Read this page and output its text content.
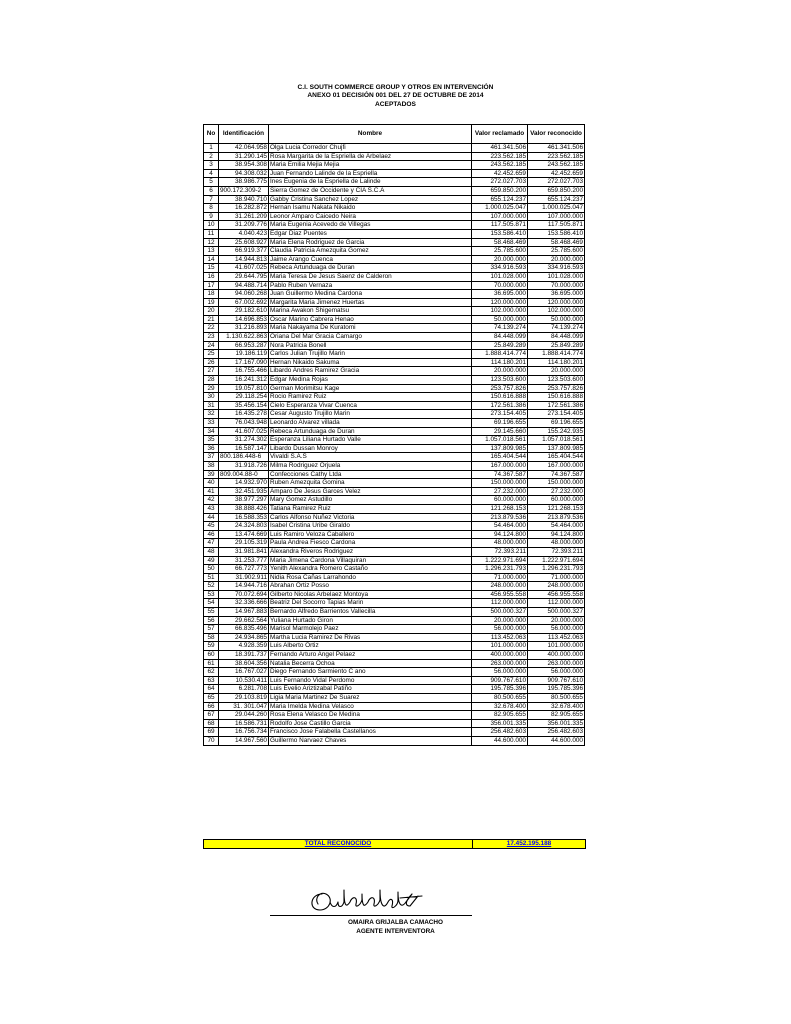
C.I. SOUTH COMMERCE GROUP Y OTROS EN INTERVENCIÓN
ANEXO 01 DECISIÓN 001 DEL 27 DE OCTUBRE DE 2014
ACEPTADOS
No	Identificación	Nombre	Valor reclamado	Valor reconocido
1	42.064.958	Olga Lucia Corredor Chujfi	461.341.506	461.341.506
2	31.290.145	Rosa Margarita de la Espriella de Arbelaez	223.562.185	223.562.185
3	38.954.308	Maria Emilia Mejia Mejia	243.562.185	243.562.185
4	94.308.032	Juan Fernando Lalinde de la Espriella	42.452.659	42.452.659
5	38.986.775	Ines Eugenia de la Espriella de Lalinde	272.027.703	272.027.703
6	900.172.309-2	Sierra Gomez de Occidente y CIA S.C.A	659.850.200	659.850.200
7	38.940.710	Gabby Cristina Sanchez Lopez	655.124.237	655.124.237
8	16.282.872	Hernan Isamu Nakata Nikaido	1.000.025.047	1.000.025.047
9	31.261.209	Leonor Amparo Caicedo Neira	107.000.000	107.000.000
10	31.209.776	Maria Eugenia Acevedo de Villegas	117.505.871	117.505.871
11	4.040.423	Edgar Diaz Puentes	153.586.410	153.586.410
12	25.608.927	Maria Elena Rodriguez de Garcia	58.468.469	58.468.469
13	66.919.377	Claudia Patricia Amezquita Gomez	25.785.600	25.785.600
14	14.944.813	Jaime Arango Cuenca	20.000.000	20.000.000
15	41.607.025	Rebeca Artunduaga de Duran	334.916.593	334.916.593
16	29.644.795	Maria Teresa De Jesus Saenz de Calderon	101.028.000	101.028.000
17	94.488.714	Pablo Ruben Vernaza	70.000.000	70.000.000
18	94.060.268	Juan Guillermo Medina Cardona	36.695.000	36.695.000
19	67.002.692	Margarita Maria Jimenez Huertas	120.000.000	120.000.000
20	29.182.610	Marina Awakon Shigematsu	102.000.000	102.000.000
21	14.696.853	Oscar Marino Cabrera Henao	50.000.000	50.000.000
22	31.216.893	Maria Nakayama De Kuratomi	74.139.274	74.139.274
23	1.130.622.863	Oriana Del Mar Gracia Camargo	84.448.099	84.448.099
24	66.953.287	Nora Patricia Bonell	25.849.289	25.849.289
25	19.186.119	Carlos Julian Trujillo Marin	1.888.414.774	1.888.414.774
26	17.167.090	Hernan Nikaido Sakuma	114.180.201	114.180.201
27	16.755.466	Libardo Andres Ramirez Gracia	20.000.000	20.000.000
28	16.241.312	Edgar Medina Rojas	123.503.600	123.503.600
29	19.057.810	German Morimitsu Kage	253.757.826	253.757.826
30	29.118.254	Rocio Ramirez Ruiz	150.616.888	150.616.888
31	35.456.154	Cielo Esperanza Vivar Cuenca	172.561.386	172.561.386
32	16.435.278	Cesar Augusto Trujillo Marin	273.154.405	273.154.405
33	76.043.948	Leonardo Alvarez villada	69.196.655	69.196.655
34	41.607.025	Rebeca Artunduaga de Duran	29.145.660	155.242.935
35	31.274.302	Esperanza Liliana Hurtado Valle	1.057.018.561	1.057.018.561
36	16.587.147	Libardo Dussan Monroy	137.809.985	137.809.985
37	800.186.448-6	Vivaldi S.A.S	165.404.544	165.404.544
38	31.918.726	Milma Rodriguez Orjuela	167.000.000	167.000.000
39	809.004.88-0	Confecciones Cathy Ltda	74.367.587	74.367.587
40	14.932.970	Ruben Amezquita Gomina	150.000.000	150.000.000
41	32.451.935	Amparo De Jesus Garces Velez	27.232.000	27.232.000
42	38.977.297	Mary Gomez Astudillo	60.000.000	60.000.000
43	38.888.426	Tatiana Ramirez Ruiz	121.268.153	121.268.153
44	16.588.353	Carlos Alfonso Nuñez Victoria	213.879.536	213.879.536
45	24.324.803	Isabel Cristina Uribe Giraldo	54.464.000	54.464.000
46	13.474.669	Luis Ramiro Veloza Caballero	94.124.800	94.124.800
47	29.105.319	Paula Andrea Fiesco Cardona	48.000.000	48.000.000
48	31.981.841	Alexandra Riveros Rodriguez	72.393.211	72.393.211
49	31.253.777	Maria Jimena Cardona Villaquiran	1.222.971.694	1.222.971.694
50	66.727.773	Yenith Alexandra Romero Castaño	1.296.231.793	1.296.231.793
51	31.902.911	Nidia Rosa Cañas Larrahondo	71.000.000	71.000.000
52	14.944.716	Abrahan Ortiz Posso	248.000.000	248.000.000
53	70.072.694	Gilberto Nicolas Arbelaez Montoya	456.955.558	456.955.558
54	32.336.666	Beatriz Del Socorro Tapias Marin	112.000.000	112.000.000
55	14.967.883	Bernardo Alfredo Barrientos Vallecilla	500.000.327	500.000.327
56	29.662.564	Yuliana Hurtado Giron	20.000.000	20.000.000
57	66.835.496	Marisol Marmolejo Paez	56.000.000	56.000.000
58	24.934.865	Martha Lucia Ramirez De Rivas	113.452.063	113.452.063
59	4.928.359	Luis Alberto Ortiz	101.000.000	101.000.000
60	18.391.737	Fernando Arturo Angel Pelaez	400.000.000	400.000.000
61	38.604.356	Natalia Becerra Ochoa	263.000.000	263.000.000
62	16.767.027	Diego Fernando Sarmiento C ano	56.000.000	56.000.000
63	10.530.411	Luis Fernando Vidal Perdomo	909.767.610	909.767.610
64	6.281.708	Luis Evelio Ariztizabal Patiño	195.785.396	195.785.396
65	29.103.819	Ligia Maria Martinez De Suarez	80.500.655	80.500.655
66	31. 301.047	Maria Imelda Medina Velasco	32.678.400	32.678.400
67	29.044.260	Rosa Elena Velasco De Medina	82.905.655	82.905.655
68	16.586.731	Rodolfo Jose Castillo Garcia	356.001.335	356.001.335
69	16.756.734	Francisco Jose Falabella Castellanos	256.482.603	256.482.603
70	14.967.560	Guillermo Narvaez Chaves	44.600.000	44.600.000
TOTAL RECONOCIDO	17.452.195.188
OMAIRA GRIJALBA CAMACHO
AGENTE INTERVENTORA
